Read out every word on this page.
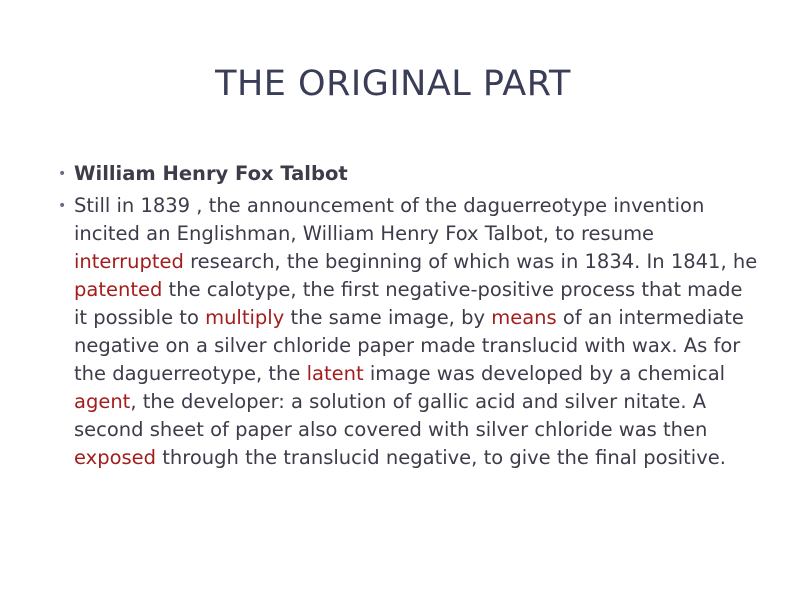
THE ORIGINAL PART
• William Henry Fox Talbot
• Still in 1839 , the announcement of the daguerreotype invention incited an Englishman, William Henry Fox Talbot, to resume interrupted research, the beginning of which was in 1834. In 1841, he patented the calotype, the first negative-positive process that made it possible to multiply the same image, by means of an intermediate negative on a silver chloride paper made translucid with wax. As for the daguerreotype, the latent image was developed by a chemical agent, the developer: a solution of gallic acid and silver nitate. A second sheet of paper also covered with silver chloride was then exposed through the translucid negative, to give the final positive.
